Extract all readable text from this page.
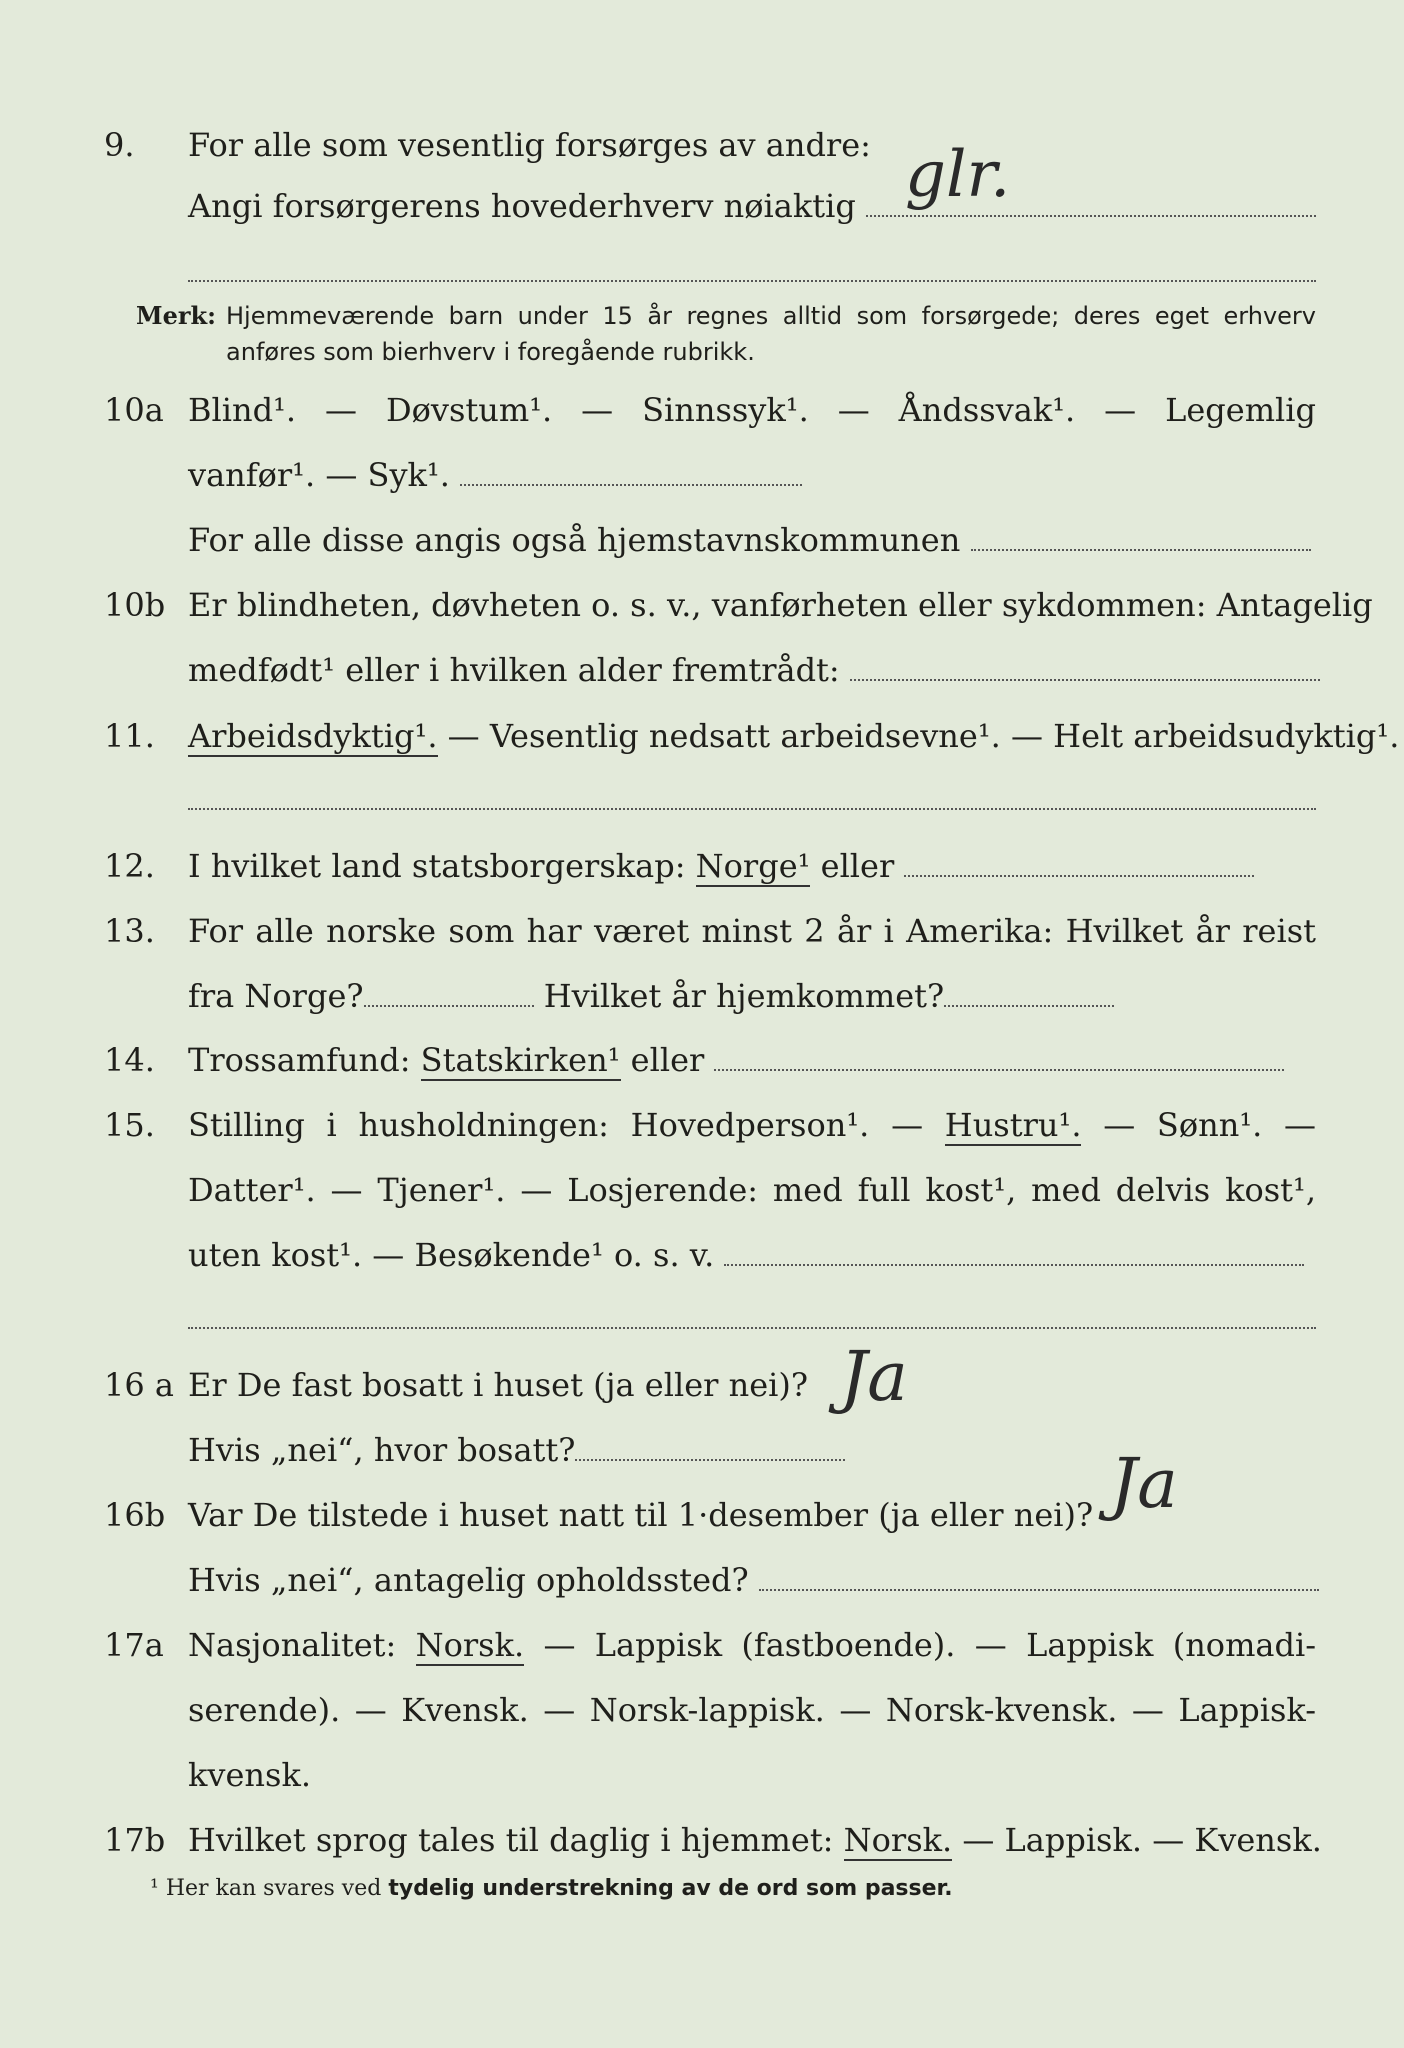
9. For alle som vesentlig forsørges av andre:
Angi forsørgerens hovederhverv nøiaktig glr.
Merk: Hjemmeværende barn under 15 år regnes alltid som forsørgede; deres eget erhverv
anføres som bierhverv i foregående rubrikk.
10a Blind¹. — Døvstum¹. — Sinnssyk¹. — Åndssvak¹. — Legemlig
vanfør¹. — Syk¹.
For alle disse angis også hjemstavnskommunen
10b Er blindheten, døvheten o. s. v., vanførheten eller sykdommen: Antagelig
medfødt¹ eller i hvilken alder fremtrådt:
11. Arbeidsdyktig¹. — Vesentlig nedsatt arbeidsevne¹. — Helt arbeidsudyktig¹.
12. I hvilket land statsborgerskap: Norge¹ eller
13. For alle norske som har været minst 2 år i Amerika: Hvilket år reist
fra Norge?	Hvilket år hjemkommet?
14. Trossamfund: Statskirken¹ eller
15. Stilling i husholdningen: Hovedperson¹. — Hustru¹. — Sønn¹. —
Datter¹. — Tjener¹. — Losjerende: med full kost¹, med delvis kost¹,
uten kost¹. — Besøkende¹ o. s. v.
16 a Er De fast bosatt i huset (ja eller nei)? Ja
Hvis „nei“, hvor bosatt?
16b Var De tilstede i huset natt til 1·desember (ja eller nei)? Ja
Hvis „nei“, antagelig opholdssted?
17a Nasjonalitet: Norsk. — Lappisk (fastboende). — Lappisk (nomadi-
serende). — Kvensk. — Norsk-lappisk. — Norsk-kvensk. — Lappisk-
kvensk.
17b Hvilket sprog tales til daglig i hjemmet: Norsk. — Lappisk. — Kvensk.
¹ Her kan svares ved tydelig understrekning av de ord som passer.
